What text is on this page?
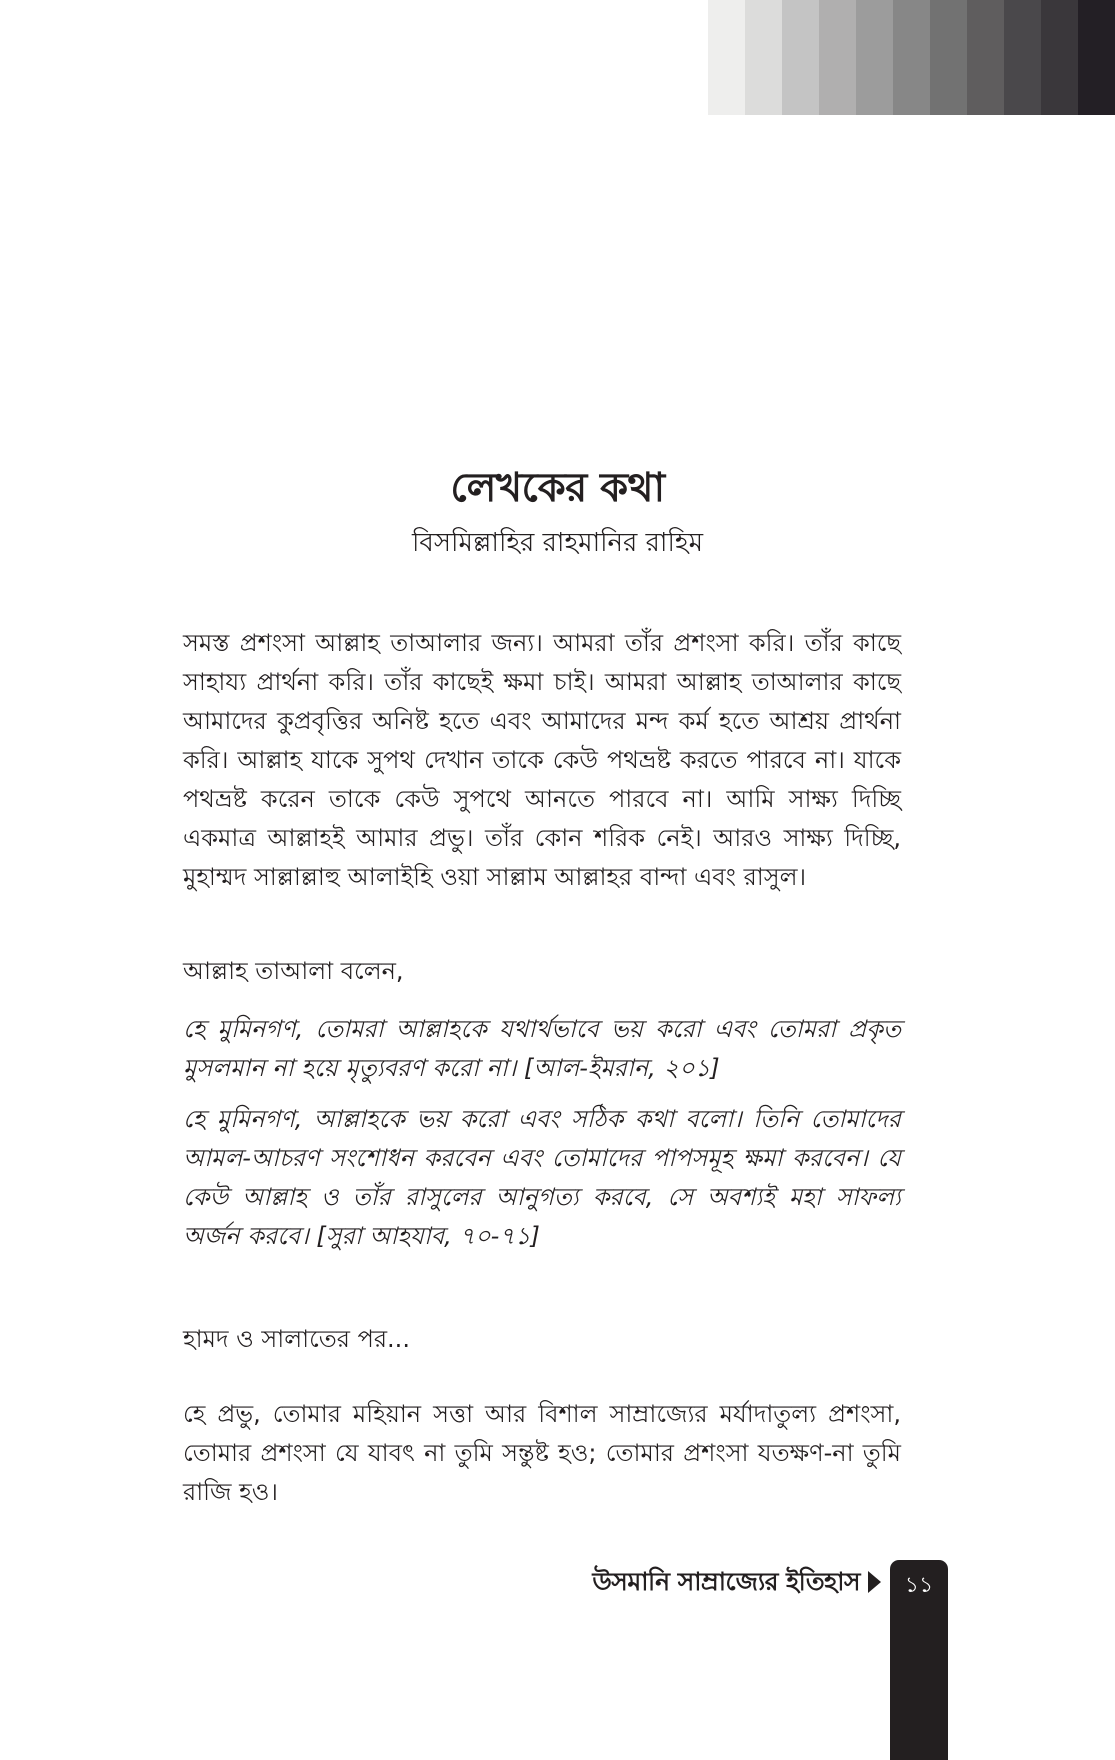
লেখকের কথা
বিসমিল্লাহির রাহমানির রাহিম

সমস্ত প্রশংসা আল্লাহ তাআলার জন্য। আমরা তাঁর প্রশংসা করি। তাঁর কাছে সাহায্য প্রার্থনা করি। তাঁর কাছেই ক্ষমা চাই। আমরা আল্লাহ তাআলার কাছে আমাদের কুপ্রবৃত্তির অনিষ্ট হতে এবং আমাদের মন্দ কর্ম হতে আশ্রয় প্রার্থনা করি। আল্লাহ যাকে সুপথ দেখান তাকে কেউ পথভ্রষ্ট করতে পারবে না। যাকে পথভ্রষ্ট করেন তাকে কেউ সুপথে আনতে পারবে না। আমি সাক্ষ্য দিচ্ছি একমাত্র আল্লাহই আমার প্রভু। তাঁর কোন শরিক নেই। আরও সাক্ষ্য দিচ্ছি, মুহাম্মদ সাল্লাল্লাহু আলাইহি ওয়া সাল্লাম আল্লাহর বান্দা এবং রাসুল।

আল্লাহ তাআলা বলেন,

হে মুমিনগণ, তোমরা আল্লাহকে যথার্থভাবে ভয় করো এবং তোমরা প্রকৃত মুসলমান না হয়ে মৃত্যুবরণ করো না। [আল-ইমরান, ২০১]

হে মুমিনগণ, আল্লাহকে ভয় করো এবং সঠিক কথা বলো। তিনি তোমাদের আমল-আচরণ সংশোধন করবেন এবং তোমাদের পাপসমূহ ক্ষমা করবেন। যে কেউ আল্লাহ ও তাঁর রাসুলের আনুগত্য করবে, সে অবশ্যই মহা সাফল্য অর্জন করবে। [সুরা আহযাব, ৭০-৭১]

হামদ ও সালাতের পর...

হে প্রভু, তোমার মহিয়ান সত্তা আর বিশাল সাম্রাজ্যের মর্যাদাতুল্য প্রশংসা, তোমার প্রশংসা যে যাবৎ না তুমি সন্তুষ্ট হও; তোমার প্রশংসা যতক্ষণ-না তুমি রাজি হও।

উসমানি সাম্রাজ্যের ইতিহাস	১১
